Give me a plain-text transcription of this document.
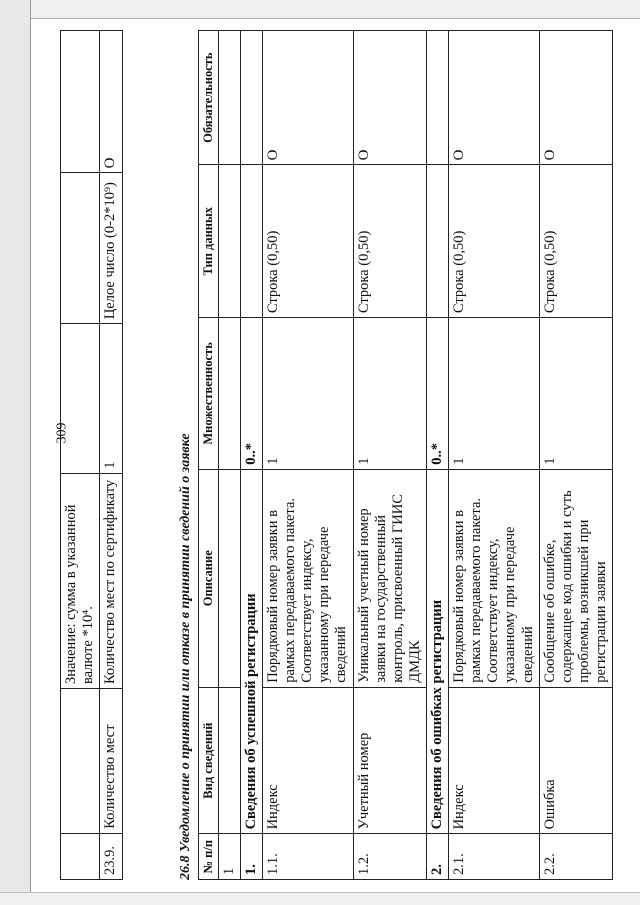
309
		Значение: сумма в указанной валюте *10⁴.			
23.9.	Количество мест	Количество мест по сертификату	1	Целое число (0-2*10⁹)	О
26.8 Уведомление о принятии или отказе в принятии сведений о заявке № п/п	Вид сведений	Описание	Множественность	Тип данных	Обязательность
1					
1.	Сведения об успешной регистрации		0..*		
1.1.	Индекс	Порядковый номер заявки в рамках передаваемого пакета. Соответствует индексу, указанному при передаче сведений	1	Строка (0,50)	О
1.2.	Учетный номер	Уникальный учетный номер заявки на государственный контроль, присвоенный ГИИС ДМДК	1	Строка (0,50)	О
2.	Сведения об ошибках регистрации		0..*		
2.1.	Индекс	Порядковый номер заявки в рамках передаваемого пакета. Соответствует индексу, указанному при передаче сведений	1	Строка (0,50)	О
2.2.	Ошибка	Сообщение об ошибке, содержащее код ошибки и суть проблемы, возникшей при регистрации заявки	1	Строка (0,50)	О
